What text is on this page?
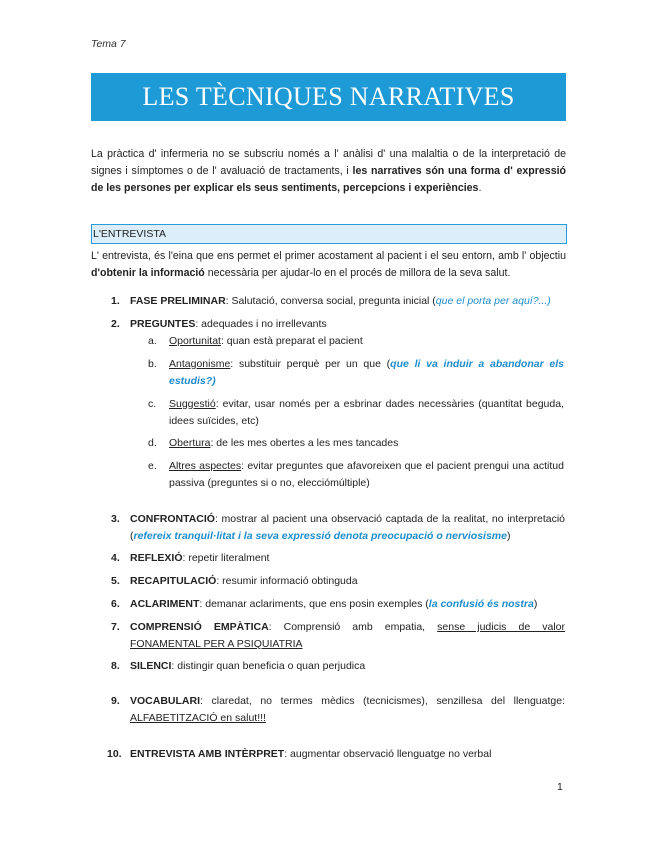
Tema 7
LES TÈCNIQUES NARRATIVES
La pràctica d' infermeria no se subscriu només a l' anàlisi d' una malaltia o de la interpretació de signes i símptomes o de l' avaluació de tractaments, i les narratives són una forma d' expressió de les persones per explicar els seus sentiments, percepcions i experiències.
L'ENTREVISTA
L' entrevista, és l'eina que ens permet el primer acostament al pacient i el seu entorn, amb l' objectiu d'obtenir la informació necessària per ajudar-lo en el procés de millora de la seva salut.
1. FASE PRELIMINAR: Salutació, conversa social, pregunta inicial (que el porta per aquí?...)
2. PREGUNTES: adequades i no irrellevants
a. Oportunitat: quan està preparat el pacient
b. Antagonisme: substituir perquè per un que (que li va induir a abandonar els estudis?)
c. Suggestió: evitar, usar només per a esbrinar dades necessàries (quantitat beguda, idees suïcides, etc)
d. Obertura: de les mes obertes a les mes tancades
e. Altres aspectes: evitar preguntes que afavoreixen que el pacient prengui una actitud passiva (preguntes si o no, elecciómúltiple)
3. CONFRONTACIÓ: mostrar al pacient una observació captada de la realitat, no interpretació (refereix tranquil·litat i la seva expressió denota preocupació o nerviosisme)
4. REFLEXIÓ: repetir literalment
5. RECAPITULACIÓ: resumir informació obtinguda
6. ACLARIMENT: demanar aclariments, que ens posin exemples (la confusió és nostra)
7. COMPRENSIÓ EMPÀTICA: Comprensió amb empatia, sense judicis de valor FONAMENTAL PER A PSIQUIATRIA
8. SILENCI: distingir quan beneficia o quan perjudica
9. VOCABULARI: claredat, no termes mèdics (tecnicismes), senzillesa del llenguatge: ALFABETITZACIÓ en salut!!!
10. ENTREVISTA AMB INTÈRPRET: augmentar observació llenguatge no verbal
1
